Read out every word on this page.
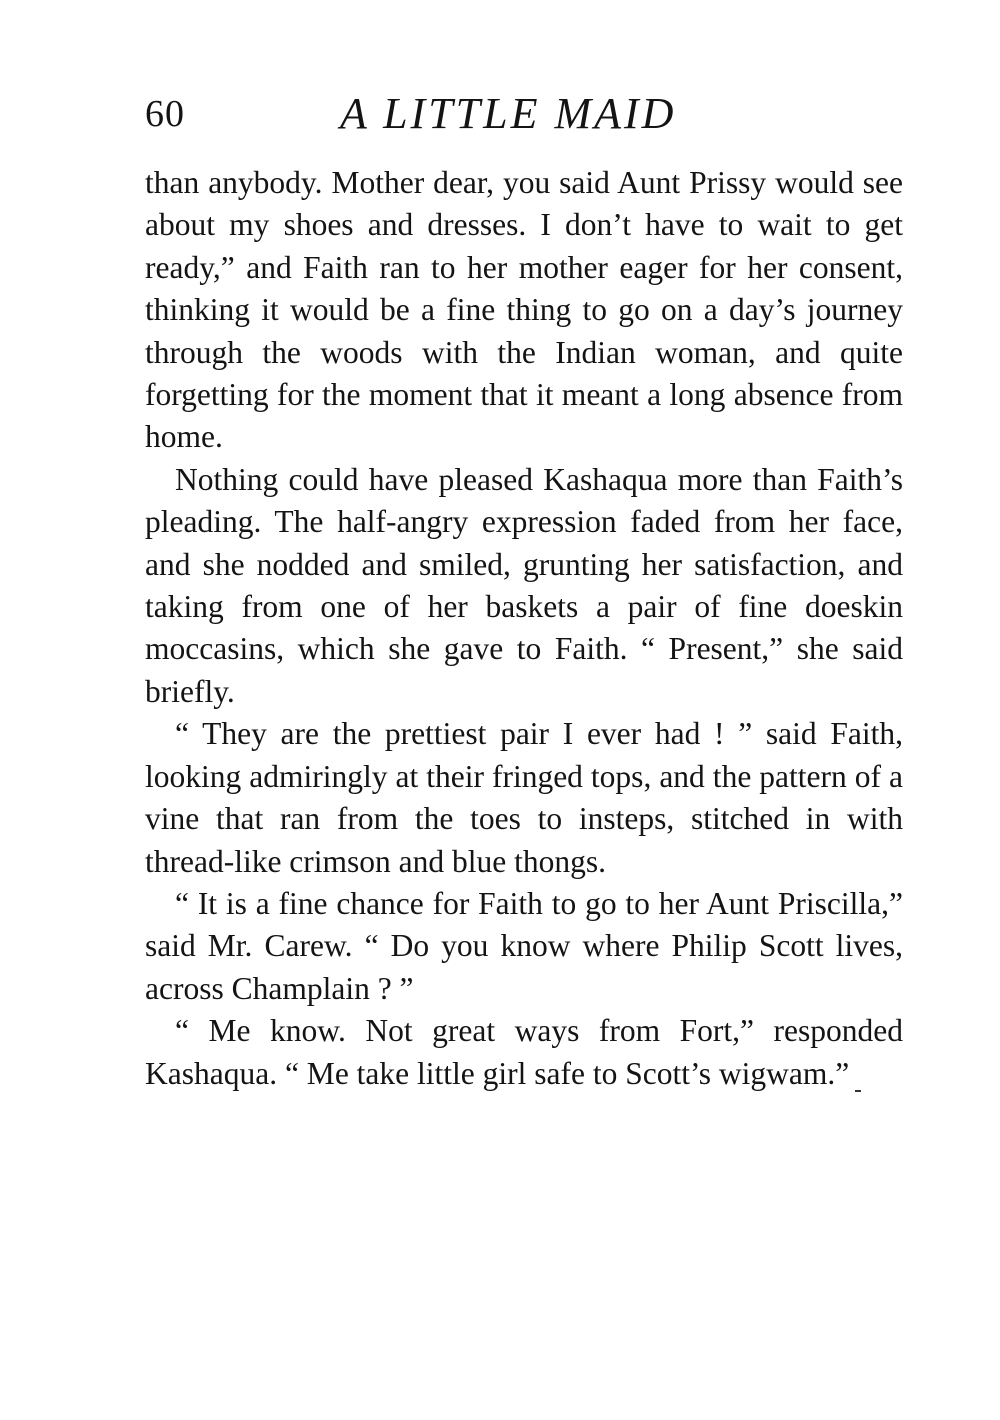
60	A LITTLE MAID

than anybody. Mother dear, you said Aunt Prissy would see about my shoes and dresses. I don’t have to wait to get ready,” and Faith ran to her mother eager for her consent, thinking it would be a fine thing to go on a day’s journey through the woods with the Indian woman, and quite forgetting for the moment that it meant a long absence from home.

Nothing could have pleased Kashaqua more than Faith’s pleading. The half-angry expression faded from her face, and she nodded and smiled, grunting her satisfaction, and taking from one of her baskets a pair of fine doeskin moccasins, which she gave to Faith. “ Present,” she said briefly.

“ They are the prettiest pair I ever had ! ” said Faith, looking admiringly at their fringed tops, and the pattern of a vine that ran from the toes to insteps, stitched in with thread-like crimson and blue thongs.

“ It is a fine chance for Faith to go to her Aunt Priscilla,” said Mr. Carew. “ Do you know where Philip Scott lives, across Champlain ? ”

“ Me know. Not great ways from Fort,” responded Kashaqua. “ Me take little girl safe to Scott’s wigwam.”
